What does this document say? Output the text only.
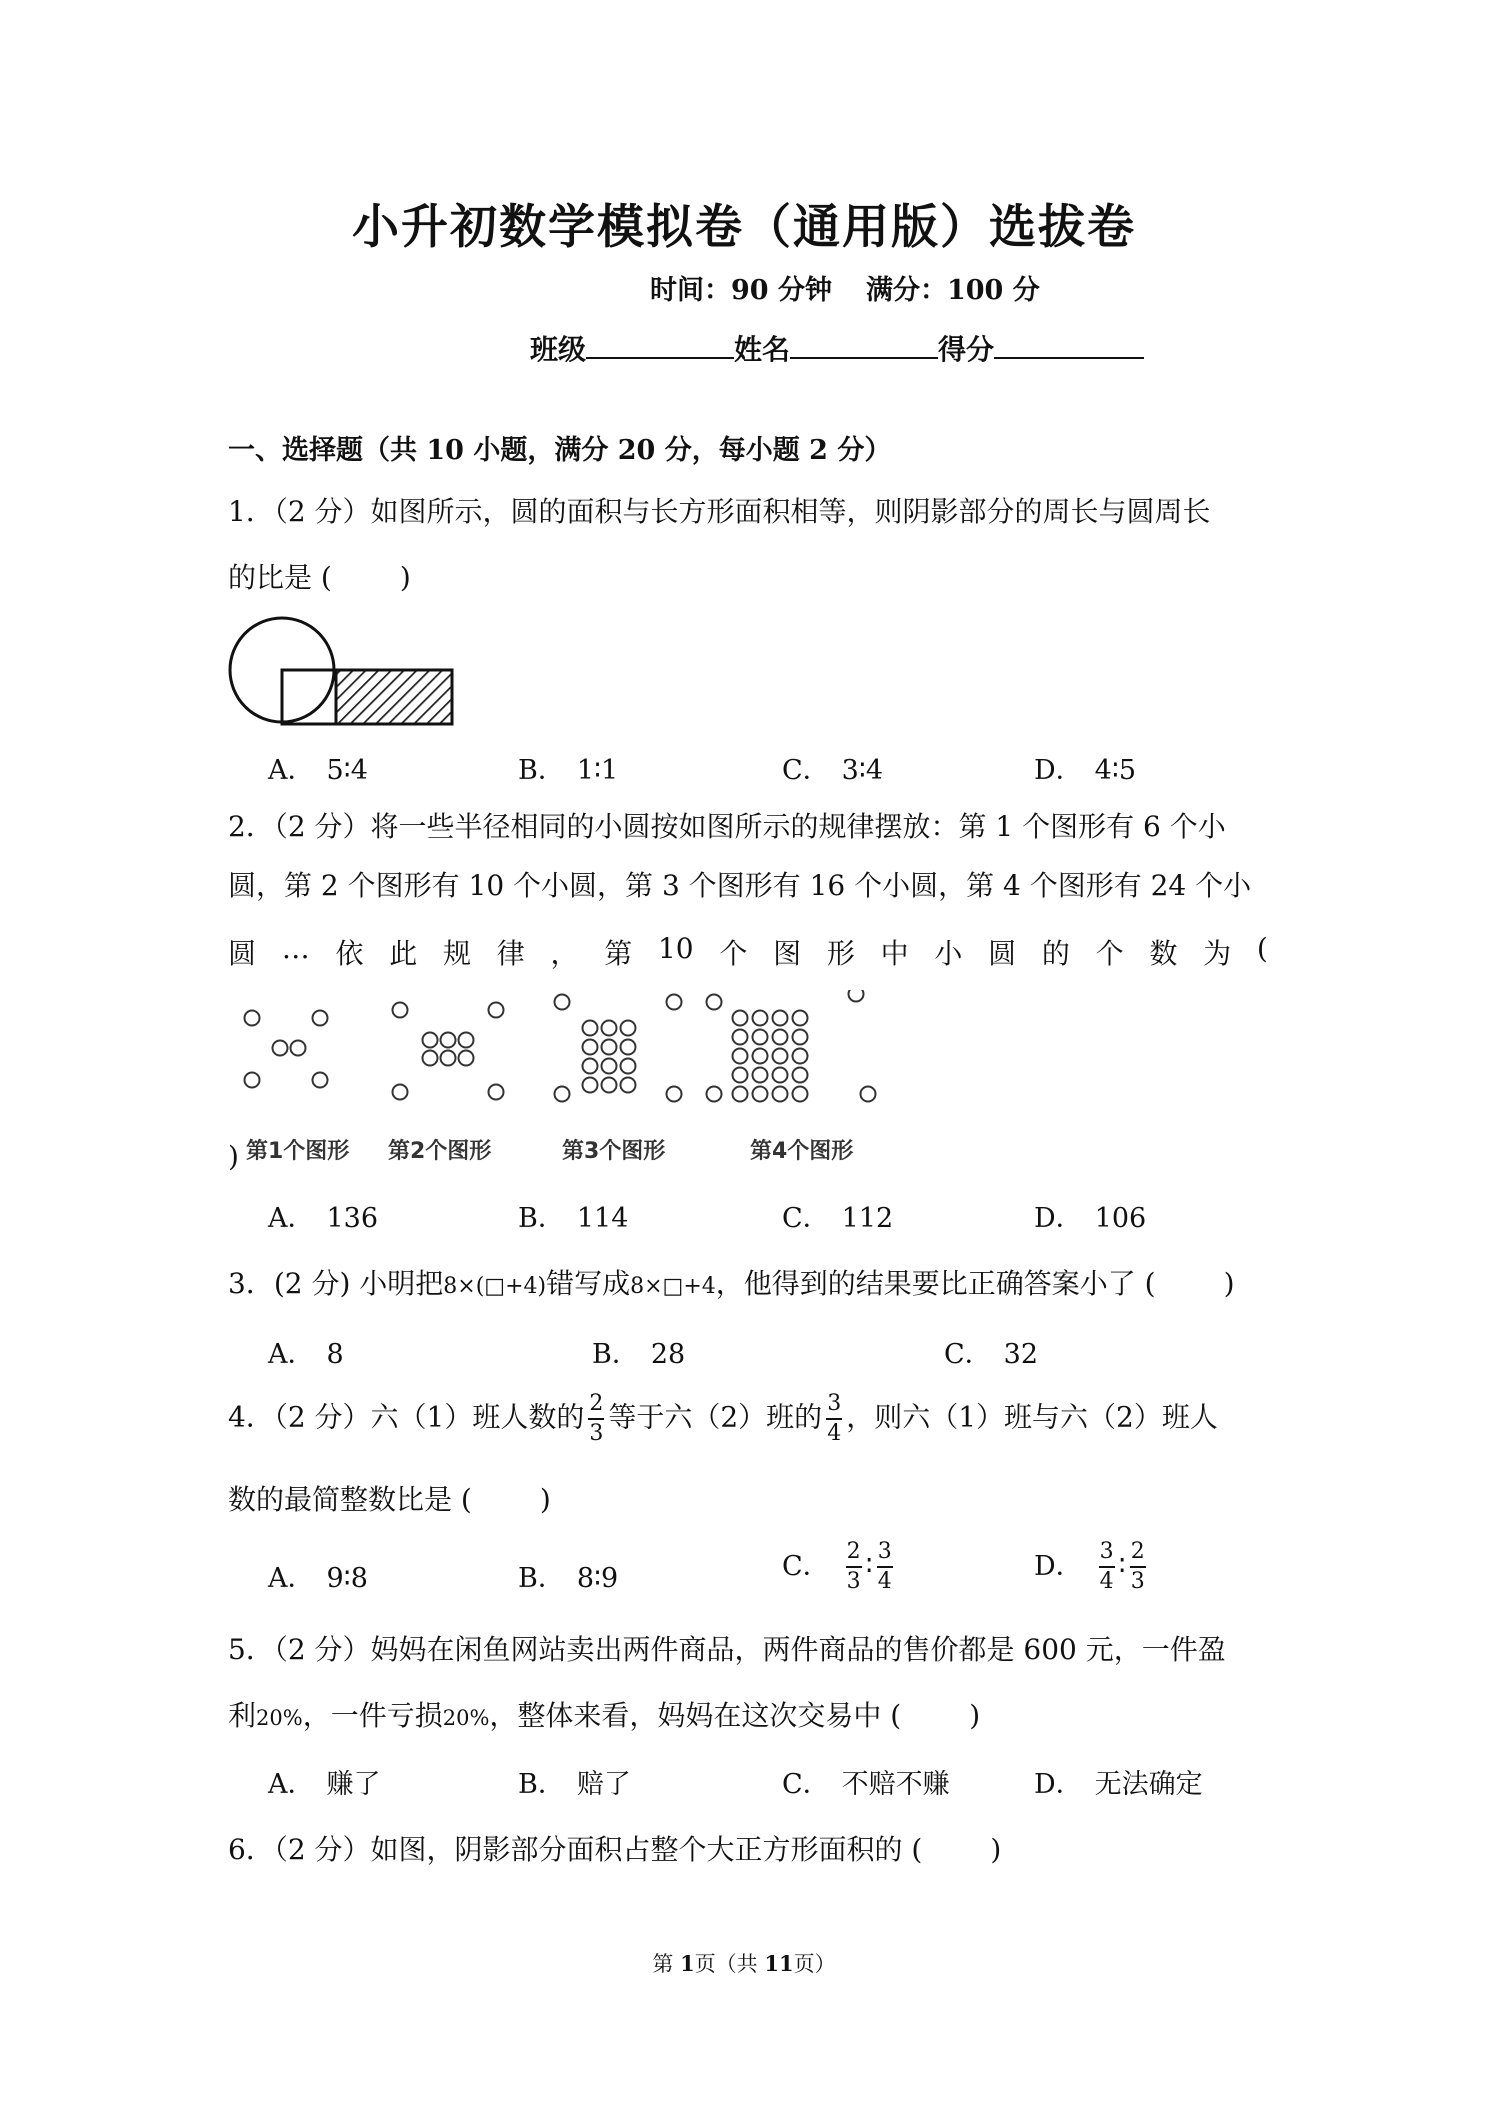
小升初数学模拟卷（通用版）选拔卷
时间：90 分钟 满分：100 分
班级	姓名	得分
一、选择题（共 10 小题，满分 20 分，每小题 2 分）
1．（2 分）如图所示，圆的面积与长方形面积相等，则阴影部分的周长与圆周长
的比是 ( )
A． 5∶4	B． 1∶1	C． 3∶4	D． 4∶5
2．（2 分）将一些半径相同的小圆按如图所示的规律摆放：第 1 个图形有 6 个小
圆，第 2 个图形有 10 个小圆，第 3 个图形有 16 个小圆，第 4 个图形有 24 个小
圆 … 依 此 规 律 ， 第 10 个 图 形 中 小 圆 的 个 数 为 (
) 第1个图形 第2个图形	第3个图形	第4个图形
A． 136	B． 114	C． 112	D． 106
3．(2 分) 小明把8×(□+4)错写成8×□+4，他得到的结果要比正确答案小了 ( )
A． 8	B． 28	C． 32
4．（2 分）六（1）班人数的 $\frac{2}{3}$ 等于六（2）班的 $\frac{3}{4}$ ，则六（1）班与六（2）班人
数的最简整数比是 ( )
A． 9∶8	B． 8∶9	C． $\frac{2}{3}$ ∶ $\frac{3}{4}$	D． $\frac{3}{4}$ ∶ $\frac{2}{3}$
5．（2 分）妈妈在闲鱼网站卖出两件商品，两件商品的售价都是 600 元，一件盈
利20%，一件亏损20%，整体来看，妈妈在这次交易中 ( )
A． 赚了	B． 赔了	C． 不赔不赚	D． 无法确定
6．（2 分）如图，阴影部分面积占整个大正方形面积的 ( )
第 1页（共 11页）
